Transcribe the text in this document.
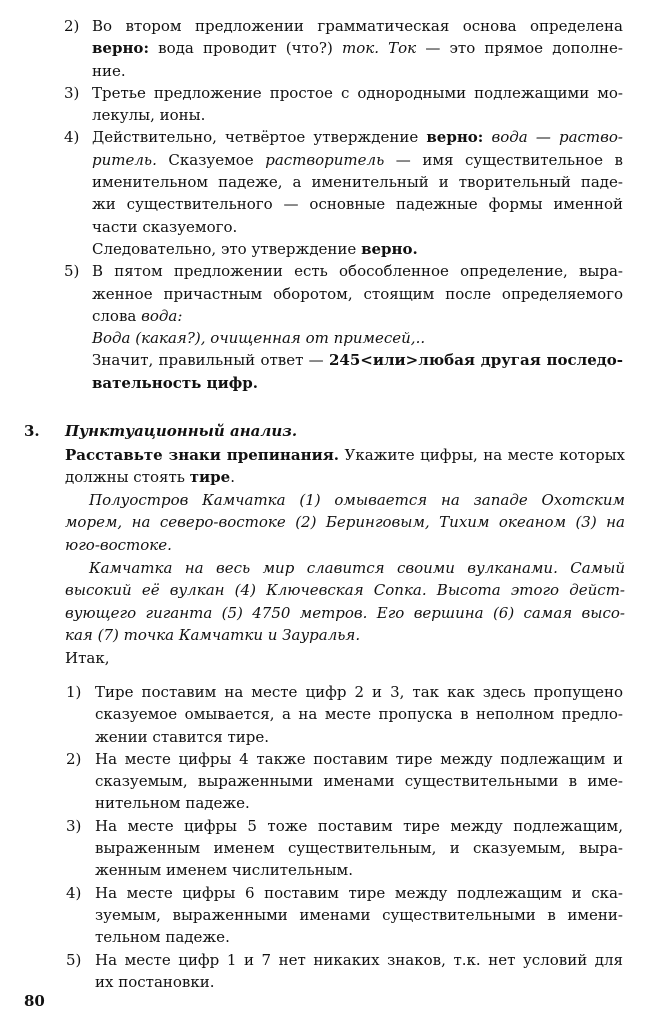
2) Во втором предложении грамматическая основа определена
верно: вода проводит (что?) ток. Ток — это прямое дополне-
ние.
3) Третье предложение простое с однородными подлежащими мо-
лекулы, ионы.
4) Действительно, четвёртое утверждение верно: вода — раство-
ритель. Сказуемое растворитель — имя существительное в
именительном падеже, а именительный и творительный паде-
жи существительного — основные падежные формы именной
части сказуемого.
Следовательно, это утверждение верно.
5) В пятом предложении есть обособленное определение, выра-
женное причастным оборотом, стоящим после определяемого
слова вода:
Вода (какая?), очищенная от примесей,..
Значит, правильный ответ — 245<или>любая другая последо-
вательность цифр.
3. Пунктуационный анализ.
Расставьте знаки препинания. Укажите цифры, на месте которых
должны стоять тире.
Полуостров Камчатка (1) омывается на западе Охотским
морем, на северо-востоке (2) Беринговым, Тихим океаном (3) на
юго-востоке.
Камчатка на весь мир славится своими вулканами. Самый
высокий её вулкан (4) Ключевская Сопка. Высота этого дейст-
вующего гиганта (5) 4750 метров. Его вершина (6) самая высо-
кая (7) точка Камчатки и Зауралья.
Итак,
1) Тире поставим на месте цифр 2 и 3, так как здесь пропущено
сказуемое омывается, а на месте пропуска в неполном предло-
жении ставится тире.
2) На месте цифры 4 также поставим тире между подлежащим и
сказуемым, выраженными именами существительными в име-
нительном падеже.
3) На месте цифры 5 тоже поставим тире между подлежащим,
выраженным именем существительным, и сказуемым, выра-
женным именем числительным.
4) На месте цифры 6 поставим тире между подлежащим и ска-
зуемым, выраженными именами существительными в имени-
тельном падеже.
5) На месте цифр 1 и 7 нет никаких знаков, т.к. нет условий для
их постановки.
80
